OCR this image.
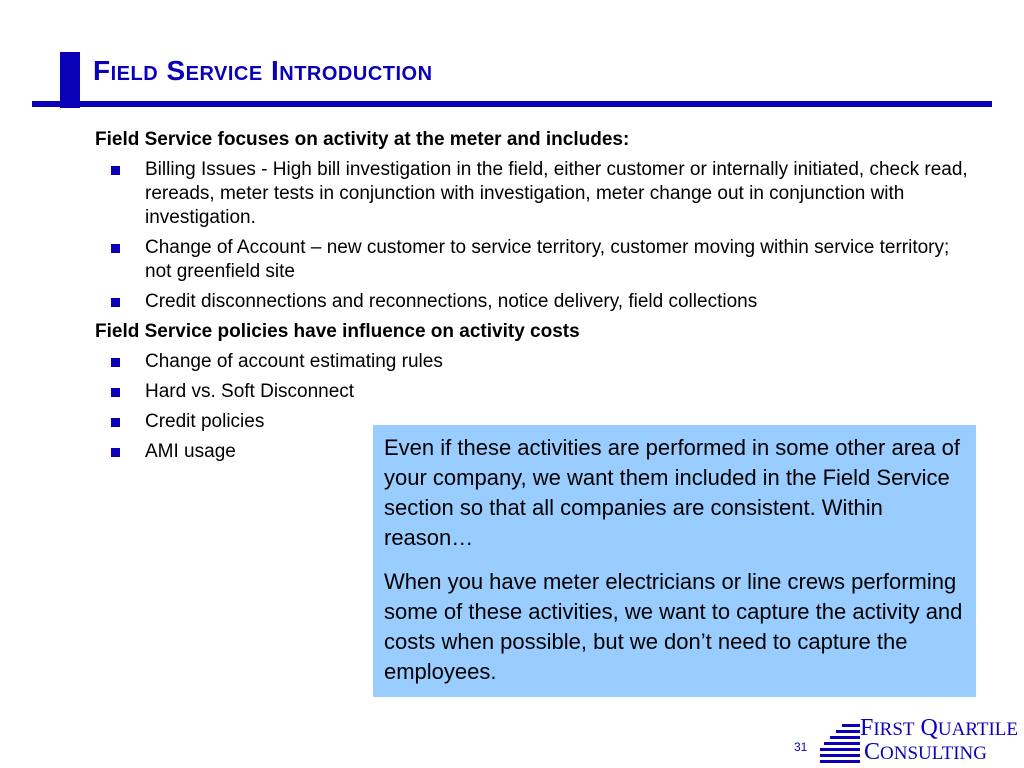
Field Service Introduction
Field Service focuses on activity at the meter and includes:
Billing Issues - High bill investigation in the field, either customer or internally initiated, check read, rereads, meter tests in conjunction with investigation, meter change out in conjunction with investigation.
Change of Account – new customer to service territory, customer moving within service territory; not greenfield site
Credit disconnections and reconnections, notice delivery, field collections
Field Service policies have influence on activity costs
Change of account estimating rules
Hard vs. Soft Disconnect
Credit policies
AMI usage	Even if these activities are performed in some other area of your company, we want them included in the Field Service section so that all companies are consistent. Within reason…

When you have meter electricians or line crews performing some of these activities, we want to capture the activity and costs when possible, but we don’t need to capture the employees.

31
FIRST QUARTILE
CONSULTING
